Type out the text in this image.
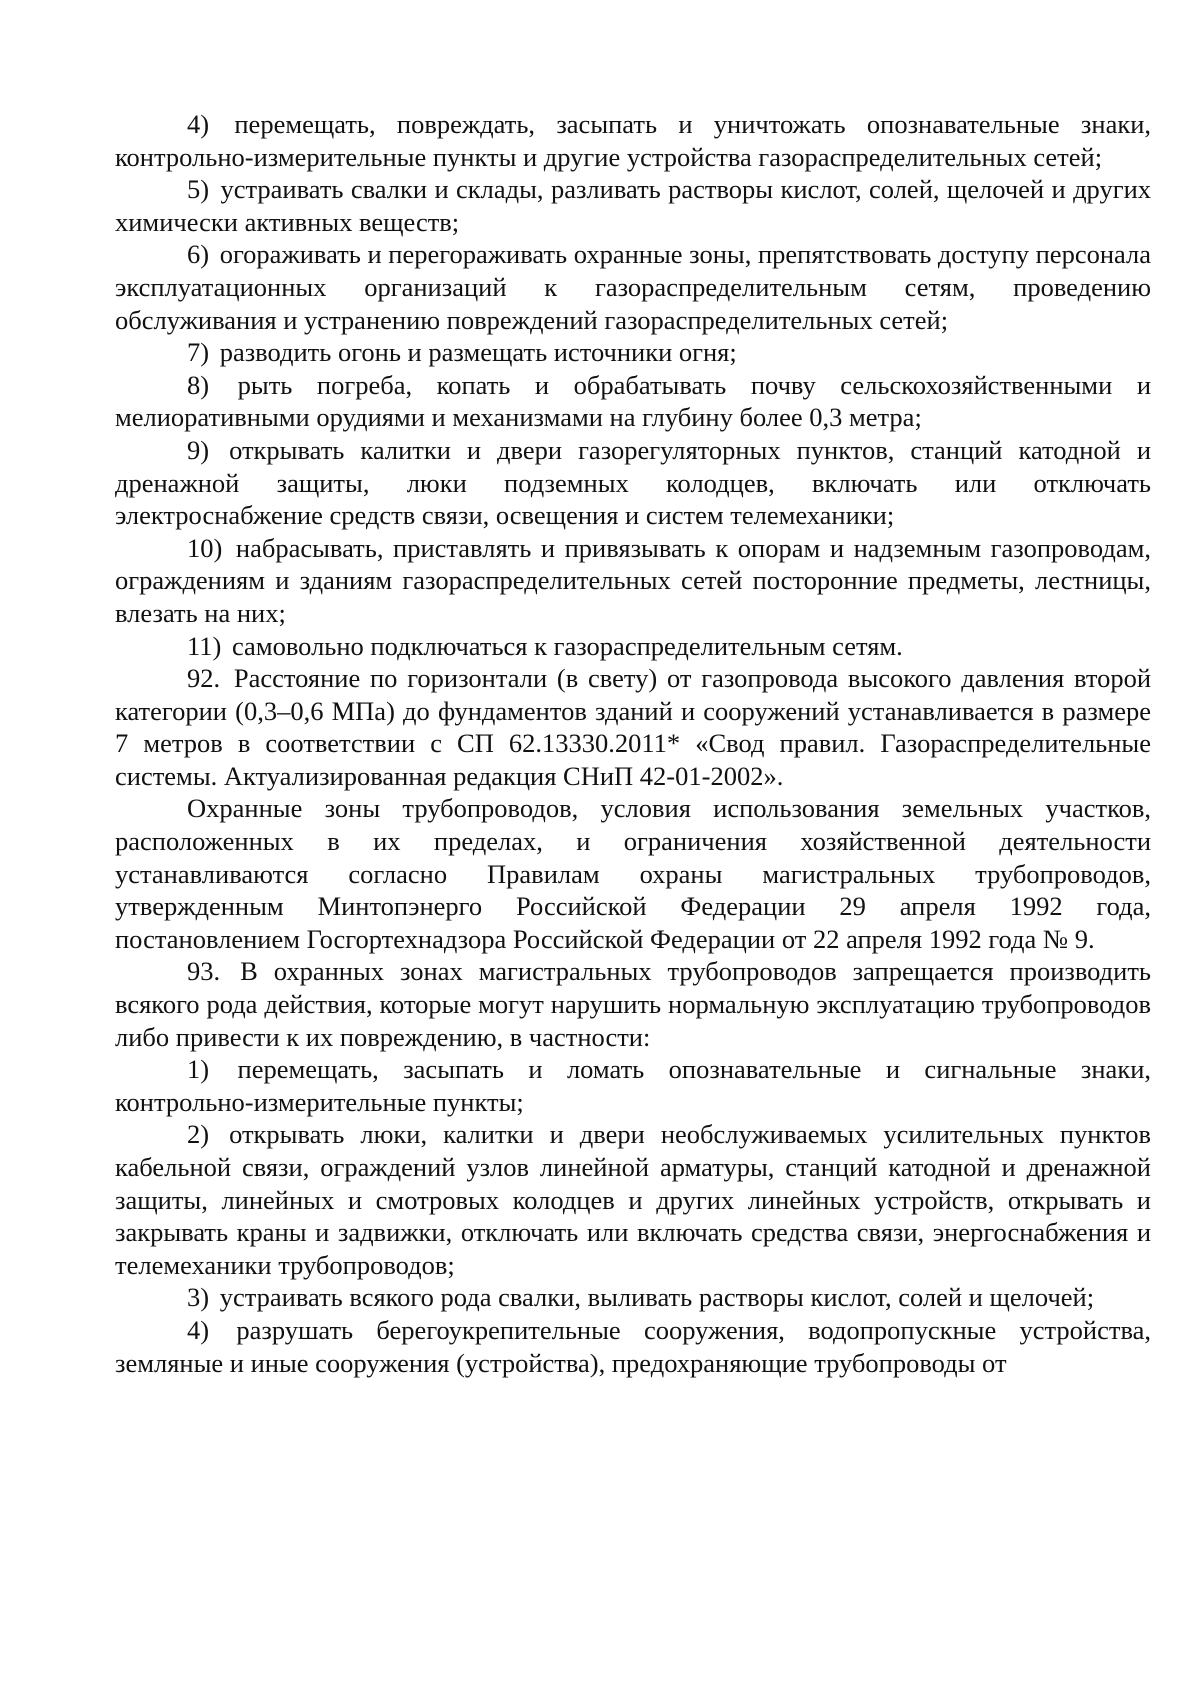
4) перемещать, повреждать, засыпать и уничтожать опознавательные знаки, контрольно-измерительные пункты и другие устройства газораспределительных сетей;

5) устраивать свалки и склады, разливать растворы кислот, солей, щелочей и других химически активных веществ;

6) огораживать и перегораживать охранные зоны, препятствовать доступу персонала эксплуатационных организаций к газораспределительным сетям, проведению обслуживания и устранению повреждений газораспределительных сетей;

7) разводить огонь и размещать источники огня;

8) рыть погреба, копать и обрабатывать почву сельскохозяйственными и мелиоративными орудиями и механизмами на глубину более 0,3 метра;

9) открывать калитки и двери газорегуляторных пунктов, станций катодной и дренажной защиты, люки подземных колодцев, включать или отключать электроснабжение средств связи, освещения и систем телемеханики;

10) набрасывать, приставлять и привязывать к опорам и надземным газопроводам, ограждениям и зданиям газораспределительных сетей посторонние предметы, лестницы, влезать на них;

11) самовольно подключаться к газораспределительным сетям.

92. Расстояние по горизонтали (в свету) от газопровода высокого давления второй категории (0,3–0,6 МПа) до фундаментов зданий и сооружений устанавливается в размере 7 метров в соответствии с СП 62.13330.2011* «Свод правил. Газораспределительные системы. Актуализированная редакция СНиП 42-01-2002».

Охранные зоны трубопроводов, условия использования земельных участков, расположенных в их пределах, и ограничения хозяйственной деятельности устанавливаются согласно Правилам охраны магистральных трубопроводов, утвержденным Минтопэнерго Российской Федерации 29 апреля 1992 года, постановлением Госгортехнадзора Российской Федерации от 22 апреля 1992 года № 9.

93. В охранных зонах магистральных трубопроводов запрещается производить всякого рода действия, которые могут нарушить нормальную эксплуатацию трубопроводов либо привести к их повреждению, в частности:

1) перемещать, засыпать и ломать опознавательные и сигнальные знаки, контрольно-измерительные пункты;

2) открывать люки, калитки и двери необслуживаемых усилительных пунктов кабельной связи, ограждений узлов линейной арматуры, станций катодной и дренажной защиты, линейных и смотровых колодцев и других линейных устройств, открывать и закрывать краны и задвижки, отключать или включать средства связи, энергоснабжения и телемеханики трубопроводов;

3) устраивать всякого рода свалки, выливать растворы кислот, солей и щелочей;

4) разрушать берегоукрепительные сооружения, водопропускные устройства, земляные и иные сооружения (устройства), предохраняющие трубопроводы от
